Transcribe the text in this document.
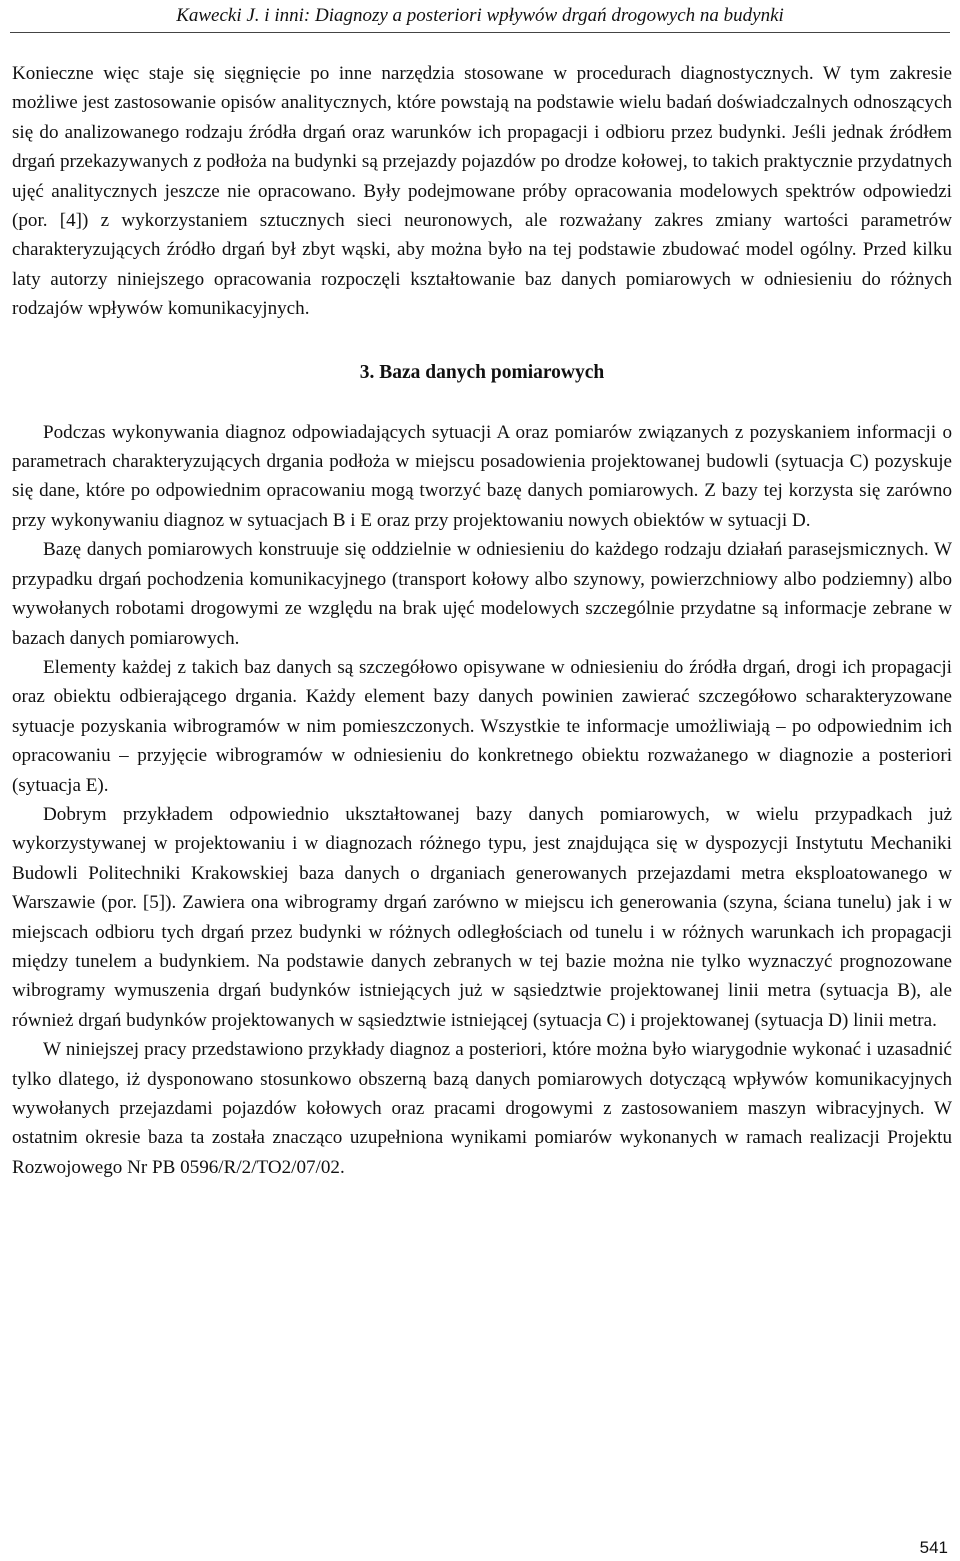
Kawecki J. i inni: Diagnozy a posteriori wpływów drgań drogowych na budynki

Konieczne więc staje się sięgnięcie po inne narzędzia stosowane w procedurach diagnostycznych. W tym zakresie możliwe jest zastosowanie opisów analitycznych, które powstają na podstawie wielu badań doświadczalnych odnoszących się do analizowanego rodzaju źródła drgań oraz warunków ich propagacji i odbioru przez budynki. Jeśli jednak źródłem drgań przekazywanych z podłoża na budynki są przejazdy pojazdów po drodze kołowej, to takich praktycznie przydatnych ujęć analitycznych jeszcze nie opracowano. Były podejmowane próby opracowania modelowych spektrów odpowiedzi (por. [4]) z wykorzystaniem sztucznych sieci neuronowych, ale rozważany zakres zmiany wartości parametrów charakteryzujących źródło drgań był zbyt wąski, aby można było na tej podstawie zbudować model ogólny. Przed kilku laty autorzy niniejszego opracowania rozpoczęli kształtowanie baz danych pomiarowych w odniesieniu do różnych rodzajów wpływów komunikacyjnych.

3. Baza danych pomiarowych

Podczas wykonywania diagnoz odpowiadających sytuacji A oraz pomiarów związanych z pozyskaniem informacji o parametrach charakteryzujących drgania podłoża w miejscu posadowienia projektowanej budowli (sytuacja C) pozyskuje się dane, które po odpowiednim opracowaniu mogą tworzyć bazę danych pomiarowych. Z bazy tej korzysta się zarówno przy wykonywaniu diagnoz w sytuacjach B i E oraz przy projektowaniu nowych obiektów w sytuacji D.

Bazę danych pomiarowych konstruuje się oddzielnie w odniesieniu do każdego rodzaju działań parasejsmicznych. W przypadku drgań pochodzenia komunikacyjnego (transport kołowy albo szynowy, powierzchniowy albo podziemny) albo wywołanych robotami drogowymi ze względu na brak ujęć modelowych szczególnie przydatne są informacje zebrane w bazach danych pomiarowych.

Elementy każdej z takich baz danych są szczegółowo opisywane w odniesieniu do źródła drgań, drogi ich propagacji oraz obiektu odbierającego drgania. Każdy element bazy danych powinien zawierać szczegółowo scharakteryzowane sytuacje pozyskania wibrogramów w nim pomieszczonych. Wszystkie te informacje umożliwiają – po odpowiednim ich opracowaniu – przyjęcie wibrogramów w odniesieniu do konkretnego obiektu rozważanego w diagnozie a posteriori (sytuacja E).

Dobrym przykładem odpowiednio ukształtowanej bazy danych pomiarowych, w wielu przypadkach już wykorzystywanej w projektowaniu i w diagnozach różnego typu, jest znajdująca się w dyspozycji Instytutu Mechaniki Budowli Politechniki Krakowskiej baza danych o drganiach generowanych przejazdami metra eksploatowanego w Warszawie (por. [5]). Zawiera ona wibrogramy drgań zarówno w miejscu ich generowania (szyna, ściana tunelu) jak i w miejscach odbioru tych drgań przez budynki w różnych odległościach od tunelu i w różnych warunkach ich propagacji między tunelem a budynkiem. Na podstawie danych zebranych w tej bazie można nie tylko wyznaczyć prognozowane wibrogramy wymuszenia drgań budynków istniejących już w sąsiedztwie projektowanej linii metra (sytuacja B), ale również drgań budynków projektowanych w sąsiedztwie istniejącej (sytuacja C) i projektowanej (sytuacja D) linii metra.

W niniejszej pracy przedstawiono przykłady diagnoz a posteriori, które można było wiarygodnie wykonać i uzasadnić tylko dlatego, iż dysponowano stosunkowo obszerną bazą danych pomiarowych dotyczącą wpływów komunikacyjnych wywołanych przejazdami pojazdów kołowych oraz pracami drogowymi z zastosowaniem maszyn wibracyjnych. W ostatnim okresie baza ta została znacząco uzupełniona wynikami pomiarów wykonanych w ramach realizacji Projektu Rozwojowego Nr PB 0596/R/2/TO2/07/02.

541
